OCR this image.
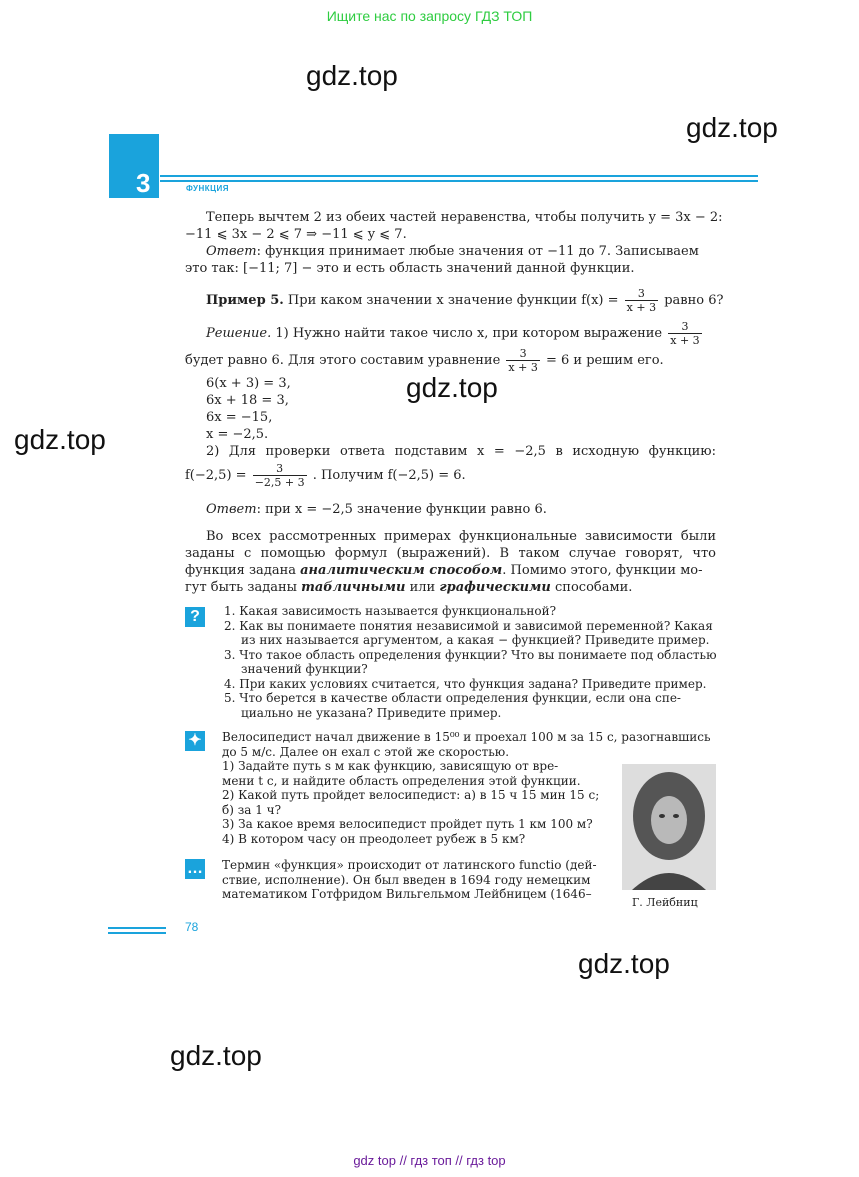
Ищите нас по запросу ГДЗ ТОП
gdz.top
gdz.top
gdz.top
gdz.top
gdz.top
gdz.top
3	ФУНКЦИЯ
Теперь вычтем 2 из обеих частей неравенства, чтобы получить y = 3x − 2:
−11 ⩽ 3x − 2 ⩽ 7 ⇒ −11 ⩽ y ⩽ 7.
Ответ: функция принимает любые значения от −11 до 7. Записываем
это так: [−11; 7] − это и есть область значений данной функции.
Пример 5. При каком значении x значение функции $f(x) = \frac{3}{x + 3}$ равно 6?
Решение. 1) Нужно найти такое число x, при котором выражение $\frac{3}{x + 3}$
будет равно 6. Для этого составим уравнение $\frac{3}{x + 3} = 6$ и решим его.
6(x + 3) = 3,
6x + 18 = 3,
6x = −15,
x = −2,5.
2) Для проверки ответа подставим x = −2,5 в исходную функцию:
$f(-2,5) = \frac{3}{-2,5 + 3}$ . Получим f(−2,5) = 6.
Ответ: при x = −2,5 значение функции равно 6.
Во всех рассмотренных примерах функциональные зависимости были
заданы с помощью формул (выражений). В таком случае говорят, что
функция задана аналитическим способом. Помимо этого, функции мо-
гут быть заданы табличными или графическими способами.
?	1. Какая зависимость называется функциональной?
2. Как вы понимаете понятия независимой и зависимой переменной? Какая
из них называется аргументом, а какая − функцией? Приведите пример.
3. Что такое область определения функции? Что вы понимаете под областью
значений функции?
4. При каких условиях считается, что функция задана? Приведите пример.
5. Что берется в качестве области определения функции, если она спе-
циально не указана? Приведите пример.
✦ Велосипедист начал движение в 15⁰⁰ и проехал 100 м за 15 с, разогнавшись
до 5 м/с. Далее он ехал с этой же скоростью.
1) Задайте путь s м как функцию, зависящую от вре-
мени t с, и найдите область определения этой функции.
2) Какой путь пройдет велосипедист: а) в 15 ч 15 мин 15 с;
б) за 1 ч?
3) За какое время велосипедист пройдет путь 1 км 100 м?
4) В котором часу он преодолеет рубеж в 5 км?
Г. Лейбниц
… Термин «функция» происходит от латинского functio (дей-
ствие, исполнение). Он был введен в 1694 году немецким
математиком Готфридом Вильгельмом Лейбницем (1646–
78
gdz top // гдз топ // гдз top
